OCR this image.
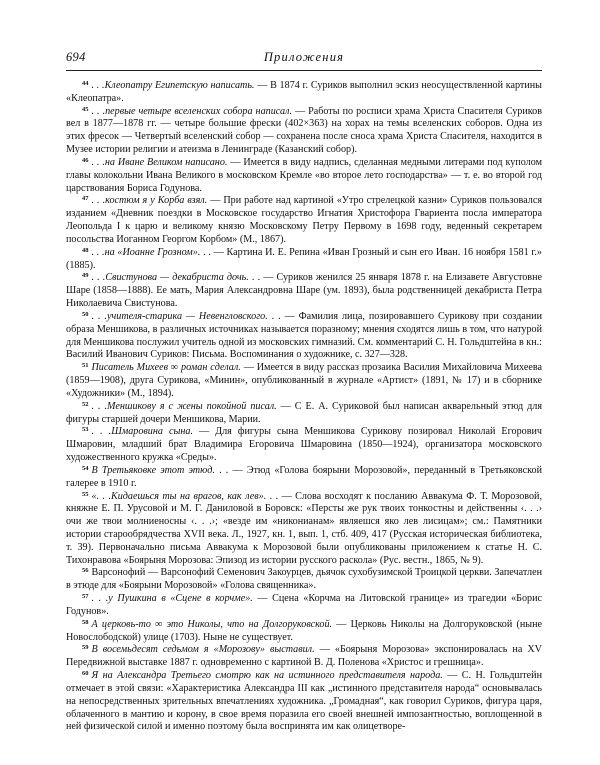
694	Приложения

$^{44}$ . . .Клеопатру Египетскую написать. — В 1874 г. Суриков выполнил эскиз неосуществленной картины «Клеопатра».

$^{45}$ . . .первые четыре вселенских собора написал. — Работы по росписи храма Христа Спасителя Суриков вел в 1877—1878 гг. — четыре большие фрески (402×363) на хорах на темы вселенских соборов. Одна из этих фресок — Четвертый вселенский собор — сохранена после сноса храма Христа Спасителя, находится в Музее истории религии и атеизма в Ленинграде (Казанский собор).

$^{46}$ . . .на Иване Великом написано. — Имеется в виду надпись, сделанная медными литерами под куполом главы колокольни Ивана Великого в московском Кремле «во второе лето господарства» — т. е. во второй год царствования Бориса Годунова.

$^{47}$ . . .костюм я у Корба взял. — При работе над картиной «Утро стрелецкой казни» Суриков пользовался изданием «Дневник поездки в Московское государство Игнатия Христофора Гвариента посла императора Леопольда I к царю и великому князю Московскому Петру Первому в 1698 году, веденный секретарем посольства Иоганном Георгом Корбом» (М., 1867).

$^{48}$ . . .на «Иоанне Грозном». . . — Картина И. Е. Репина «Иван Грозный и сын его Иван. 16 ноября 1581 г.» (1885).

$^{49}$ . . .Свистунова — декабриста дочь. . . — Суриков женился 25 января 1878 г. на Елизавете Августовне Шаре (1858—1888). Ее мать, Мария Александровна Шаре (ум. 1893), была родственницей декабриста Петра Николаевича Свистунова.

$^{50}$ . . .учителя-старика — Невенгловского. . . — Фамилия лица, позировавшего Сурикову при создании образа Меншикова, в различных источниках называется поразному; мнения сходятся лишь в том, что натурой для Меншикова послужил учитель одной из московских гимназий. См. комментарий С. Н. Гольдштейна в кн.: Василий Иванович Суриков: Письма. Воспоминания о художнике, с. 327—328.

$^{51}$ Писатель Михеев ∞ роман сделал. — Имеется в виду рассказ прозаика Василия Михайловича Михеева (1859—1908), друга Сурикова, «Минин», опубликованный в журнале «Артист» (1891, № 17) и в сборнике «Художники» (М., 1894).

$^{52}$ . . .Меншикову я с жены покойной писал. — С Е. А. Суриковой был написан акварельный этюд для фигуры старшей дочери Меншикова, Марии.

$^{53}$ . . .Шмаровина сына. — Для фигуры сына Меншикова Сурикову позировал Николай Егорович Шмаровин, младший брат Владимира Егоровича Шмаровина (1850—1924), организатора московского художественного кружка «Среды».

$^{54}$ В Третьяковке этот этюд. . . — Этюд «Голова боярыни Морозовой», переданный в Третьяковской галерее в 1910 г.

$^{55}$ «. . .Кидаешься ты на врагов, как лев». . . — Слова восходят к посланию Аввакума Ф. Т. Морозовой, княжне Е. П. Урусовой и М. Г. Даниловой в Боровск: «Персты же рук твоих тонкостны и действенны ‹. . .› очи же твои молниеносны ‹. . .›; «везде им «никонианам» являешся яко лев лисицам»; см.: Памятники истории старообрядчества XVII века. Л., 1927, кн. 1, вып. 1, стб. 409, 417 (Русская историческая библиотека, т. 39). Первоначально письма Аввакума к Морозовой были опубликованы приложением к статье Н. С. Тихонравова «Боярыня Морозова: Эпизод из истории русского раскола» (Рус. вестн., 1865, № 9).

$^{56}$ Варсонофий — Варсонофий Семенович Закоурцев, дьячок сухобузимской Троицкой церкви. Запечатлен в этюде для «Боярыни Морозовой» «Голова священника».

$^{57}$ . . .у Пушкина в «Сцене в корчме». — Сцена «Корчма на Литовской границе» из трагедии «Борис Годунов».

$^{58}$ А церковь-то ∞ это Николы, что на Долгоруковской. — Церковь Николы на Долгоруковской (ныне Новослободской) улице (1703). Ныне не существует.

$^{59}$ В восемьдесят седьмом я «Морозову» выставил. — «Боярыня Морозова» экспонировалась на XV Передвижной выставке 1887 г. одновременно с картиной В. Д. Поленова «Христос и грешница».

$^{60}$ Я на Александра Третьего смотрю как на истинного представителя народа. — С. Н. Гольдштейн отмечает в этой связи: «Характеристика Александра III как „истинного представителя народа“ основывалась на непосредственных зрительных впечатлениях художника. „Громадная“, как говорил Суриков, фигура царя, облаченного в мантию и корону, в свое время поразила его своей внешней импозантностью, воплощенной в ней физической силой и именно поэтому была воспринята им как олицетворе-
